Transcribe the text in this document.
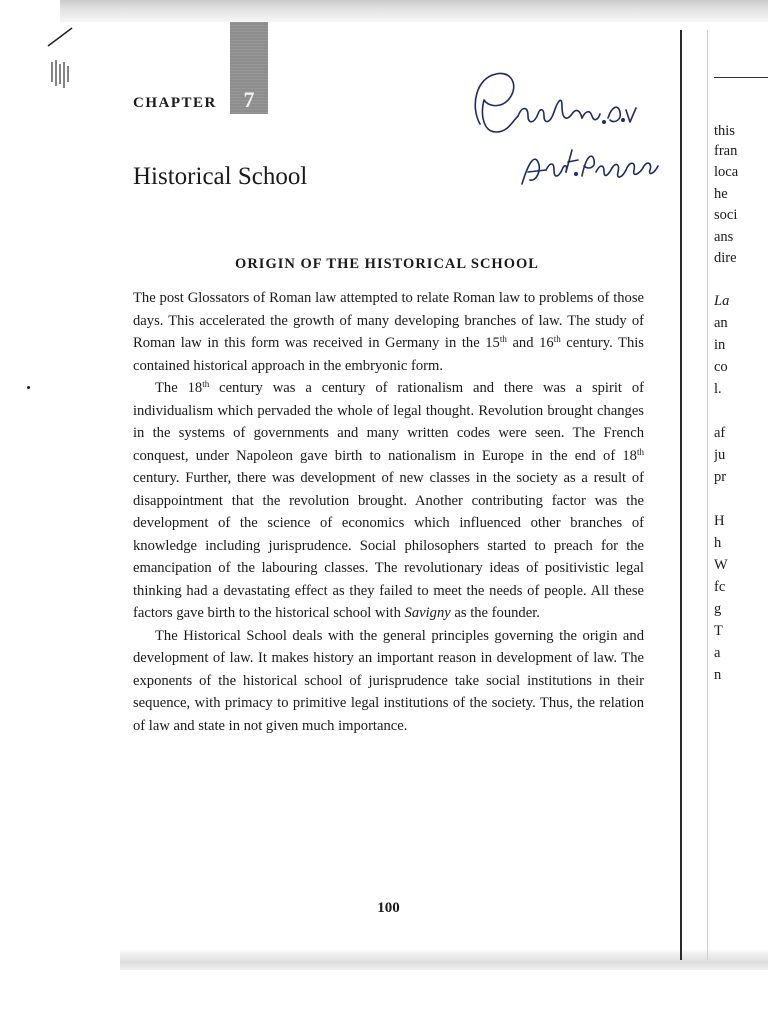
7
CHAPTER
Historical School
ORIGIN OF THE HISTORICAL SCHOOL

The post Glossators of Roman law attempted to relate Roman law to problems of those days. This accelerated the growth of many developing branches of law. The study of Roman law in this form was received in Germany in the 15th and 16th century. This contained historical approach in the embryonic form.

The 18th century was a century of rationalism and there was a spirit of individualism which pervaded the whole of legal thought. Revolution brought changes in the systems of governments and many written codes were seen. The French conquest, under Napoleon gave birth to nationalism in Europe in the end of 18th century. Further, there was development of new classes in the society as a result of disappointment that the revolution brought. Another contributing factor was the development of the science of economics which influenced other branches of knowledge including jurisprudence. Social philosophers started to preach for the emancipation of the labouring classes. The revolutionary ideas of positivistic legal thinking had a devastating effect as they failed to meet the needs of people. All these factors gave birth to the historical school with Savigny as the founder.

The Historical School deals with the general principles governing the origin and development of law. It makes history an important reason in development of law. The exponents of the historical school of jurisprudence take social institutions in their sequence, with primacy to primitive legal institutions of the society. Thus, the relation of law and state in not given much importance.

100
this
fran
loca
he
soci
ans
dire
La
an
in
co
l.
af
ju
pr
H
h
W
fc
g
T
a
n
